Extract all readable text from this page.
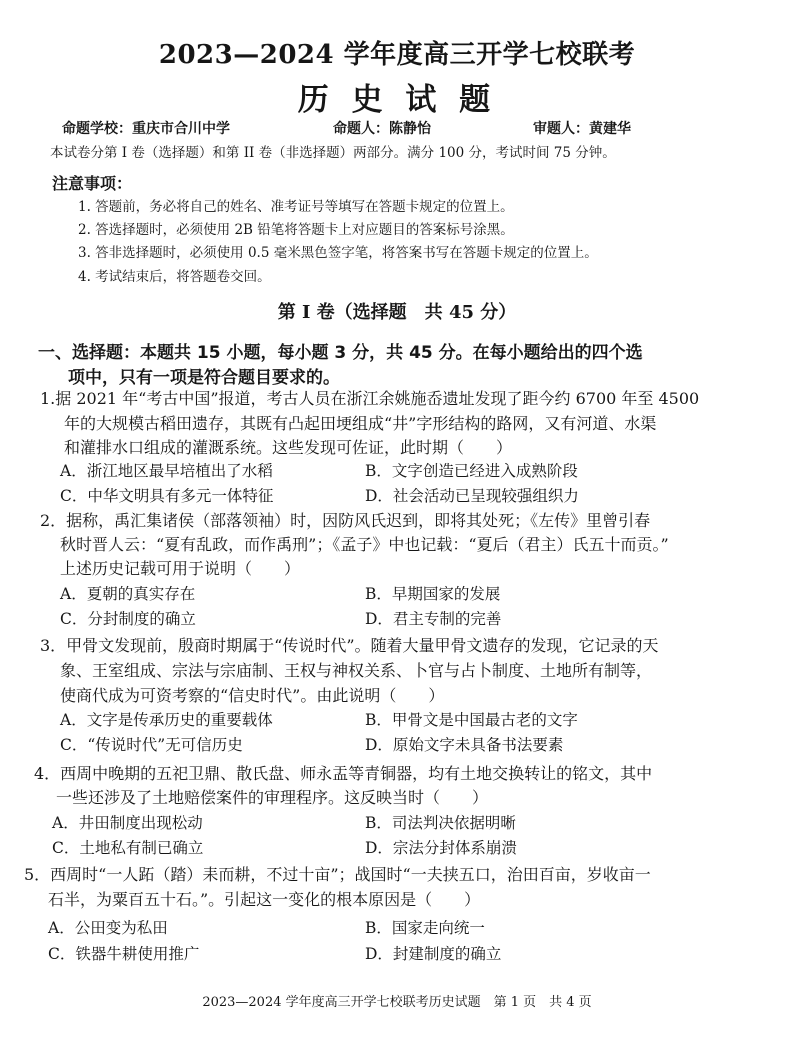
2023—2024 学年度高三开学七校联考
历 史 试 题
命题学校：重庆市合川中学	命题人：陈静怡	审题人：黄建华
本试卷分第 I 卷（选择题）和第 II 卷（非选择题）两部分。满分 100 分，考试时间 75 分钟。
注意事项：
1. 答题前，务必将自己的姓名、准考证号等填写在答题卡规定的位置上。
2. 答选择题时，必须使用 2B 铅笔将答题卡上对应题目的答案标号涂黑。
3. 答非选择题时，必须使用 0.5 毫米黑色签字笔，将答案书写在答题卡规定的位置上。
4. 考试结束后，将答题卷交回。
第 I 卷（选择题　共 45 分）
一、选择题：本题共 15 小题，每小题 3 分，共 45 分。在每小题给出的四个选
项中，只有一项是符合题目要求的。
1.据 2021 年“考古中国”报道，考古人员在浙江余姚施岙遗址发现了距今约 6700 年至 4500
年的大规模古稻田遗存，其既有凸起田埂组成“井”字形结构的路网，又有河道、水渠
和灌排水口组成的灌溉系统。这些发现可佐证，此时期（　　）
A．浙江地区最早培植出了水稻	B．文字创造已经进入成熟阶段
C．中华文明具有多元一体特征	D．社会活动已呈现较强组织力
2．据称，禹汇集诸侯（部落领袖）时，因防风氏迟到，即将其处死；《左传》里曾引春
秋时晋人云：“夏有乱政，而作禹刑”；《孟子》中也记载：“夏后（君主）氏五十而贡。”
上述历史记载可用于说明（　　）
A．夏朝的真实存在	B．早期国家的发展
C．分封制度的确立	D．君主专制的完善
3．甲骨文发现前，殷商时期属于“传说时代”。随着大量甲骨文遗存的发现，它记录的天
象、王室组成、宗法与宗庙制、王权与神权关系、卜官与占卜制度、土地所有制等，
使商代成为可资考察的“信史时代”。由此说明（　　）
A．文字是传承历史的重要载体	B．甲骨文是中国最古老的文字
C．“传说时代”无可信历史	D．原始文字未具备书法要素
4．西周中晚期的五祀卫鼎、散氏盘、师永盂等青铜器，均有土地交换转让的铭文，其中
一些还涉及了土地赔偿案件的审理程序。这反映当时（　　）
A．井田制度出现松动	B．司法判决依据明晰
C．土地私有制已确立	D．宗法分封体系崩溃
5．西周时“一人跖（踏）耒而耕，不过十亩”；战国时“一夫挟五口，治田百亩，岁收亩一
石半，为粟百五十石。”。引起这一变化的根本原因是（　　）
A．公田变为私田	B．国家走向统一
C．铁器牛耕使用推广	D．封建制度的确立
2023—2024 学年度高三开学七校联考历史试题　第 1 页　共 4 页
